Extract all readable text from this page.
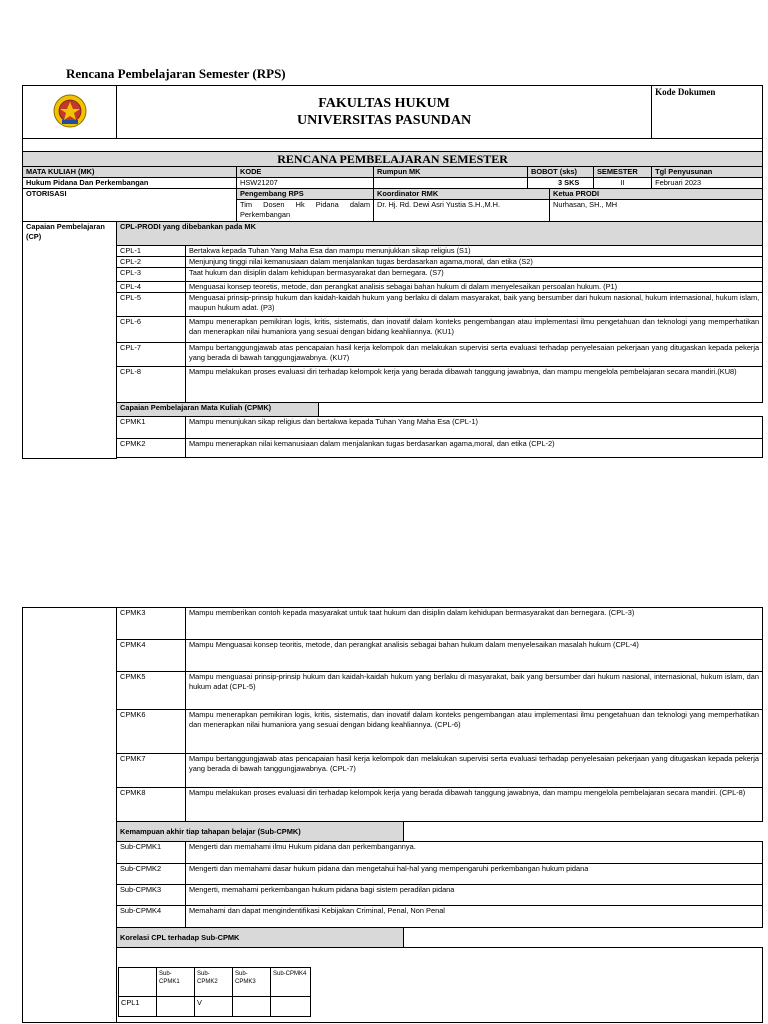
Rencana Pembelajaran Semester (RPS)

FAKULTAS HUKUM
UNIVERSITAS PASUNDAN								Kode Dokumen

RENCANA PEMBELAJARAN SEMESTER									
MATA KULIAH (MK)			KODE		Rumpun MK	BOBOT (sks)		SEMESTER	Tgl Penyusunan
Hukum Pidana Dan Perkembangan			HSW21207			3 SKS		II	Februari 2023
OTORISASI			Pengembang RPS		Koordinator RMK		Ketua PRODI		
			Tim Dosen Hk Pidana dalam Perkembangan		Dr. Hj. Rd. Dewi Asri Yustia S.H.,M.H.		Nurhasan, SH., MH		
Capaian Pembelajaran (CP)	CPL-PRODI yang dibebankan pada MK								
	CPL-1	Bertakwa kepada Tuhan Yang Maha Esa dan mampu menunjukkan sikap religius (S1)							
	CPL-2	Menjunjung tinggi nilai kemanusiaan dalam menjalankan tugas berdasarkan agama,moral, dan etika (S2)							
	CPL-3	Taat hukum dan disiplin dalam kehidupan bermasyarakat dan bernegara. (S7)							
	CPL-4	Menguasai konsep teoretis, metode, dan perangkat analisis sebagai bahan hukum di dalam menyelesaikan persoalan hukum. (P1)							
	CPL-5	Menguasai prinsip-prinsip hukum dan kaidah-kaidah hukum yang berlaku di dalam masyarakat, baik yang bersumber dari hukum nasional, hukum internasional, hukum islam, maupun hukum adat. (P3)							
	CPL-6	Mampu menerapkan pemikiran logis, kritis, sistematis, dan inovatif dalam konteks pengembangan atau implementasi ilmu pengetahuan dan teknologi yang memperhatikan dan menerapkan nilai humaniora yang sesuai dengan bidang keahliannya. (KU1)							
	CPL-7	Mampu bertanggungjawab atas pencapaian hasil kerja kelompok dan melakukan supervisi serta evaluasi terhadap penyelesaian pekerjaan yang ditugaskan kepada pekerja yang berada di bawah tanggungjawabnya. (KU7)							
	CPL-8	Mampu melakukan proses evaluasi diri terhadap kelompok kerja yang berada dibawah tanggung jawabnya, dan mampu mengelola pembelajaran secara mandiri.(KU8)							
	Capaian Pembelajaran Mata Kuliah (CPMK)								
	CPMK1	Mampu menunjukan sikap religius dan bertakwa kepada Tuhan Yang Maha Esa (CPL-1)							
	CPMK2	Mampu menerapkan nilai kemanusiaan dalam menjalankan tugas berdasarkan agama,moral, dan etika (CPL-2)							

	CPMK3	Mampu memberikan contoh kepada masyarakat untuk taat hukum dan disiplin dalam kehidupan bermasyarakat dan bernegara. (CPL-3)	
	CPMK4	Mampu Menguasai konsep teoritis, metode, dan perangkat analisis sebagai bahan hukum dalam menyelesaikan masalah hukum (CPL-4)	
	CPMK5	Mampu menguasai prinsip-prinsip hukum dan kaidah-kaidah hukum yang berlaku di masyarakat, baik yang bersumber dari hukum nasional, internasional, hukum islam, dan hukum adat (CPL-5)	
	CPMK6	Mampu menerapkan pemikiran logis, kritis, sistematis, dan inovatif dalam konteks pengembangan atau implementasi ilmu pengetahuan dan teknologi yang memperhatikan dan menerapkan nilai humaniora yang sesuai dengan bidang keahliannya. (CPL-6)	
	CPMK7	Mampu bertanggungjawab atas pencapaian hasil kerja kelompok dan melakukan supervisi serta evaluasi terhadap penyelesaian pekerjaan yang ditugaskan kepada pekerja yang berada di bawah tanggungjawabnya. (CPL-7)	
	CPMK8	Mampu melakukan proses evaluasi diri terhadap kelompok kerja yang berada dibawah tanggung jawabnya, dan mampu mengelola pembelajaran secara mandiri. (CPL-8)	
	Kemampuan akhir tiap tahapan belajar (Sub-CPMK)		
	Sub-CPMK1	Mengerti dan memahami ilmu Hukum pidana dan perkembangannya.	
	Sub-CPMK2	Mengerti dan memahami dasar hukum pidana dan mengetahui hal-hal yang mempengaruhi perkembangan hukum pidana	
	Sub-CPMK3	Mengerti, memahami perkembangan hukum pidana bagi sistem peradilan pidana	
	Sub-CPMK4	Memahami dan dapat mengindentifikasi Kebijakan Criminal, Penal, Non Penal	
	Korelasi CPL terhadap Sub-CPMK		

	Sub-CPMK1	Sub-CPMK2	Sub-CPMK3	Sub-CPMK4
CPL1		V		
